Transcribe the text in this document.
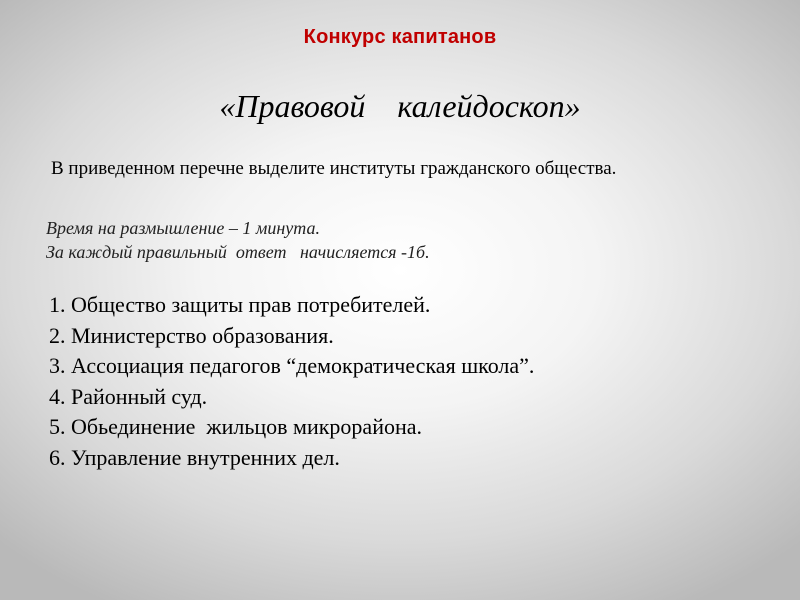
Конкурс капитанов
«Правовой    калейдоскоп»
В приведенном перечне выделите институты гражданского общества.
Время на размышление – 1 минута.
За каждый правильный  ответ   начисляется -1б.
1. Общество защиты прав потребителей.
2. Министерство образования.
3. Ассоциация педагогов “демократическая школа”.
4. Районный суд.
5. Обьединение  жильцов микрорайона.
6. Управление внутренних дел.
